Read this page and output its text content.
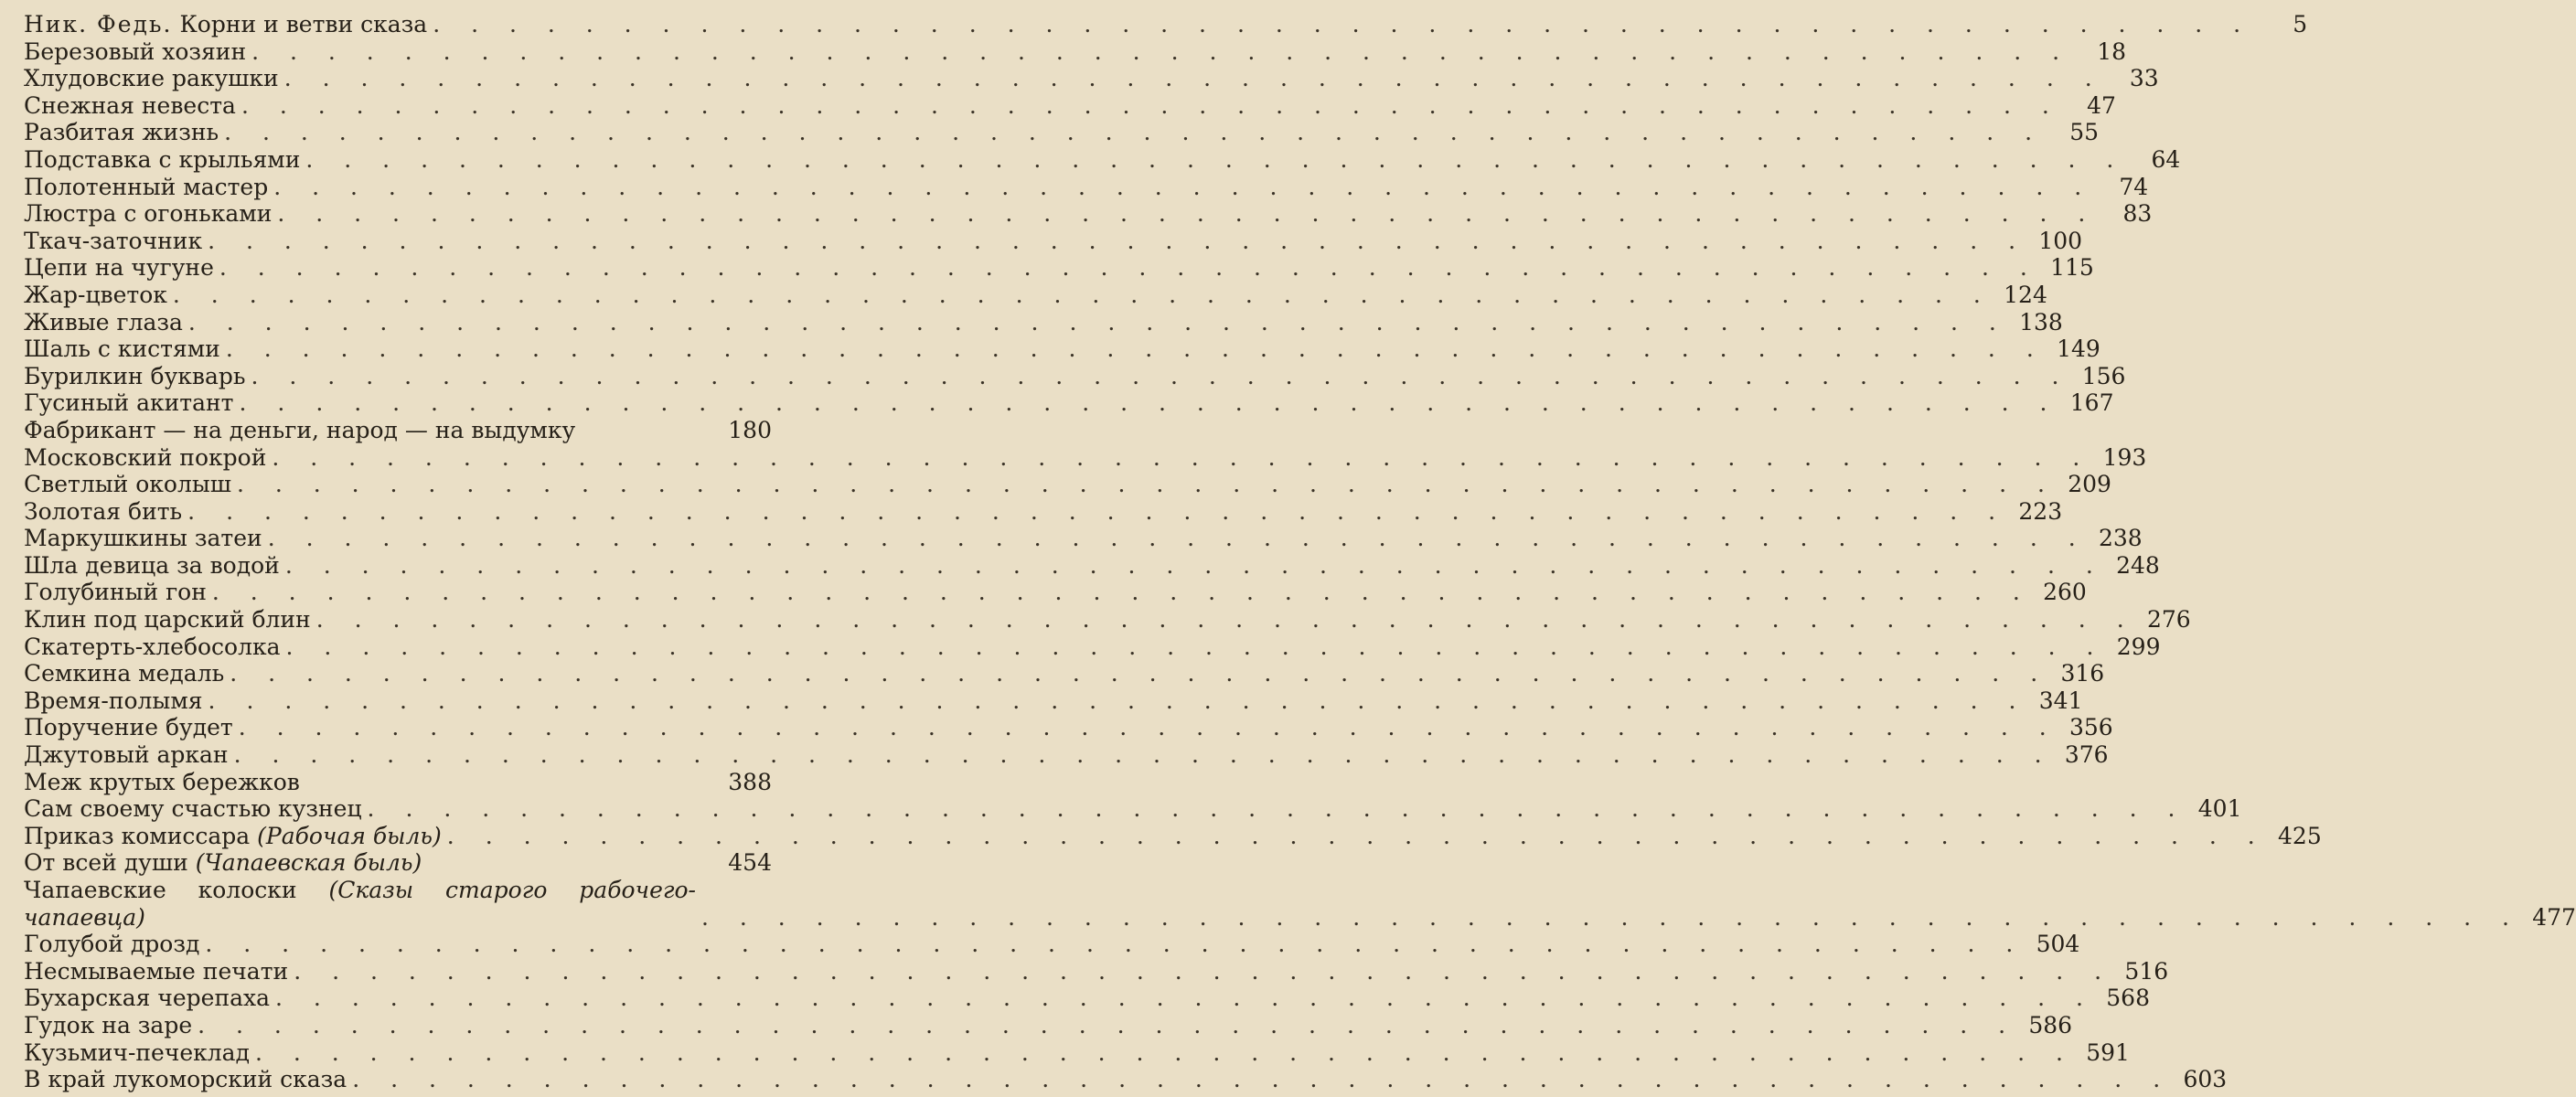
Ник. Федь. Корни и ветви сказа . . . . . . . . . . . . . . . . . . . . . . . . . . . . . . . . . . . . . . . . . . . . . . . .	5
Березовый хозяин . . . . . . . . . . . . . . . . . . . . . . . . . . . . . . . . . . . . . . . . . . . . . . . .	18
Хлудовские ракушки . . . . . . . . . . . . . . . . . . . . . . . . . . . . . . . . . . . . . . . . . . . . . . . .	33
Снежная невеста . . . . . . . . . . . . . . . . . . . . . . . . . . . . . . . . . . . . . . . . . . . . . . . .	47
Разбитая жизнь . . . . . . . . . . . . . . . . . . . . . . . . . . . . . . . . . . . . . . . . . . . . . . . .	55
Подставка с крыльями . . . . . . . . . . . . . . . . . . . . . . . . . . . . . . . . . . . . . . . . . . . . . . . .	64
Полотенный мастер . . . . . . . . . . . . . . . . . . . . . . . . . . . . . . . . . . . . . . . . . . . . . . . .	74
Люстра с огоньками . . . . . . . . . . . . . . . . . . . . . . . . . . . . . . . . . . . . . . . . . . . . . . . .	83
Ткач-заточник . . . . . . . . . . . . . . . . . . . . . . . . . . . . . . . . . . . . . . . . . . . . . . . . 100
Цепи на чугуне . . . . . . . . . . . . . . . . . . . . . . . . . . . . . . . . . . . . . . . . . . . . . . . . 115
Жар-цветок . . . . . . . . . . . . . . . . . . . . . . . . . . . . . . . . . . . . . . . . . . . . . . . . 124
Живые глаза . . . . . . . . . . . . . . . . . . . . . . . . . . . . . . . . . . . . . . . . . . . . . . . . 138
Шаль с кистями . . . . . . . . . . . . . . . . . . . . . . . . . . . . . . . . . . . . . . . . . . . . . . . . 149
Бурилкин букварь . . . . . . . . . . . . . . . . . . . . . . . . . . . . . . . . . . . . . . . . . . . . . . . . 156
Гусиный акитант . . . . . . . . . . . . . . . . . . . . . . . . . . . . . . . . . . . . . . . . . . . . . . . . 167
Фабрикант — на деньги, народ — на выдумку	180
Московский покрой . . . . . . . . . . . . . . . . . . . . . . . . . . . . . . . . . . . . . . . . . . . . . . . . 193
Светлый околыш . . . . . . . . . . . . . . . . . . . . . . . . . . . . . . . . . . . . . . . . . . . . . . . . 209
Золотая бить . . . . . . . . . . . . . . . . . . . . . . . . . . . . . . . . . . . . . . . . . . . . . . . . 223
Маркушкины затеи . . . . . . . . . . . . . . . . . . . . . . . . . . . . . . . . . . . . . . . . . . . . . . . . 238
Шла девица за водой . . . . . . . . . . . . . . . . . . . . . . . . . . . . . . . . . . . . . . . . . . . . . . . . 248
Голубиный гон . . . . . . . . . . . . . . . . . . . . . . . . . . . . . . . . . . . . . . . . . . . . . . . . 260
Клин под царский блин . . . . . . . . . . . . . . . . . . . . . . . . . . . . . . . . . . . . . . . . . . . . . . . . 276
Скатерть-хлебосолка . . . . . . . . . . . . . . . . . . . . . . . . . . . . . . . . . . . . . . . . . . . . . . . . 299
Семкина медаль . . . . . . . . . . . . . . . . . . . . . . . . . . . . . . . . . . . . . . . . . . . . . . . . 316
Время-полымя . . . . . . . . . . . . . . . . . . . . . . . . . . . . . . . . . . . . . . . . . . . . . . . . 341
Поручение будет . . . . . . . . . . . . . . . . . . . . . . . . . . . . . . . . . . . . . . . . . . . . . . . . 356
Джутовый аркан . . . . . . . . . . . . . . . . . . . . . . . . . . . . . . . . . . . . . . . . . . . . . . . . 376
Меж крутых бережков	388
Сам своему счастью кузнец . . . . . . . . . . . . . . . . . . . . . . . . . . . . . . . . . . . . . . . . . . . . . . . . 401
Приказ комиссара (Рабочая быль) . . . . . . . . . . . . . . . . . . . . . . . . . . . . . . . . . . . . . . . . . . . . . . . . 425
От всей души (Чапаевская быль)	454
Чапаевские колоски (Сказы старого рабочего-
чапаевца)	. . . . . . . . . . . . . . . . . . . . . . . . . . . . . . . . . . . . . . . . . . . . . . . . 477
Голубой дрозд . . . . . . . . . . . . . . . . . . . . . . . . . . . . . . . . . . . . . . . . . . . . . . . . 504
Несмываемые печати . . . . . . . . . . . . . . . . . . . . . . . . . . . . . . . . . . . . . . . . . . . . . . . . 516
Бухарская черепаха . . . . . . . . . . . . . . . . . . . . . . . . . . . . . . . . . . . . . . . . . . . . . . . . 568
Гудок на заре . . . . . . . . . . . . . . . . . . . . . . . . . . . . . . . . . . . . . . . . . . . . . . . . 586
Кузьмич-печеклад . . . . . . . . . . . . . . . . . . . . . . . . . . . . . . . . . . . . . . . . . . . . . . . . 591
В край лукоморский сказа . . . . . . . . . . . . . . . . . . . . . . . . . . . . . . . . . . . . . . . . . . . . . . . . 603
